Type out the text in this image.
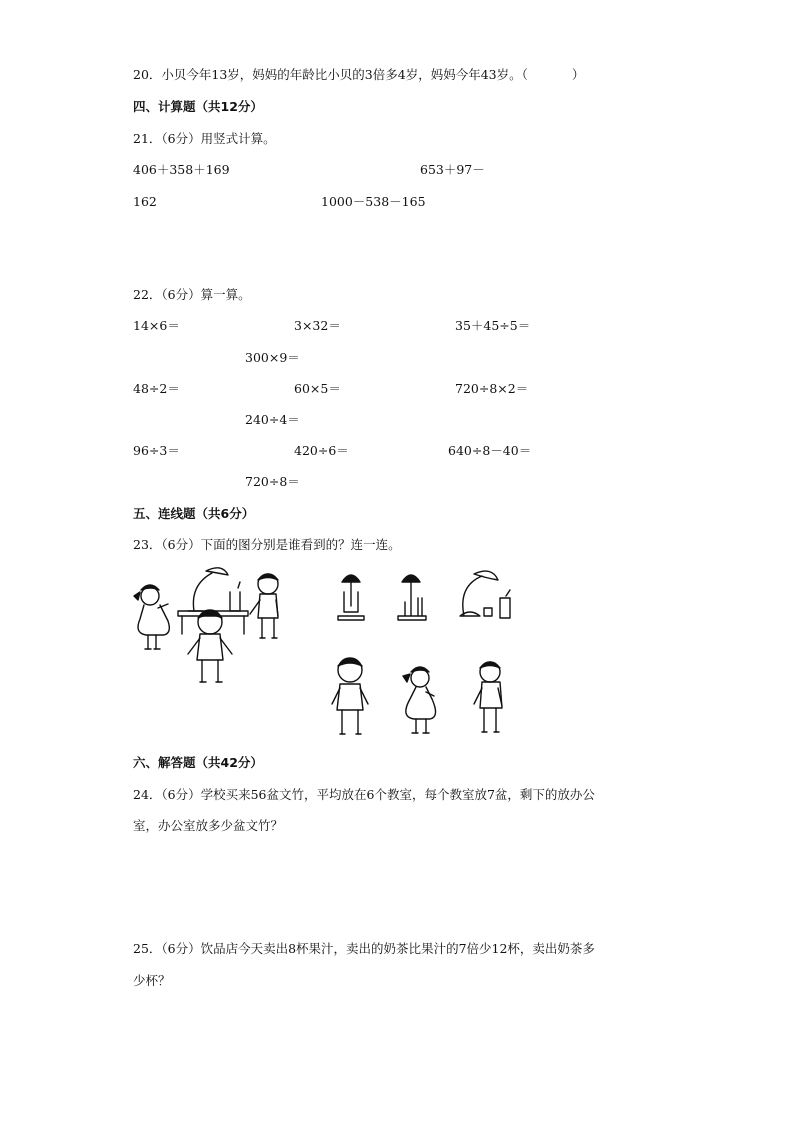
20．小贝今年13岁，妈妈的年龄比小贝的3倍多4岁，妈妈今年43岁。（	）
四、计算题（共12分）
21．（6分）用竖式计算。
406＋358＋169	653＋97－
162	1000－538－165
22．（6分）算一算。
14×6＝	3×32＝	35＋45÷5＝
300×9＝
48÷2＝	60×5＝	720÷8×2＝
240÷4＝
96÷3＝	420÷6＝	640÷8－40＝
720÷8＝
五、连线题（共6分）
23．（6分）下面的图分别是谁看到的？连一连。
六、解答题（共42分）
24．（6分）学校买来56盆文竹，平均放在6个教室，每个教室放7盆，剩下的放办公
室，办公室放多少盆文竹？
25．（6分）饮品店今天卖出8杯果汁，卖出的奶茶比果汁的7倍少12杯，卖出奶茶多
少杯？
